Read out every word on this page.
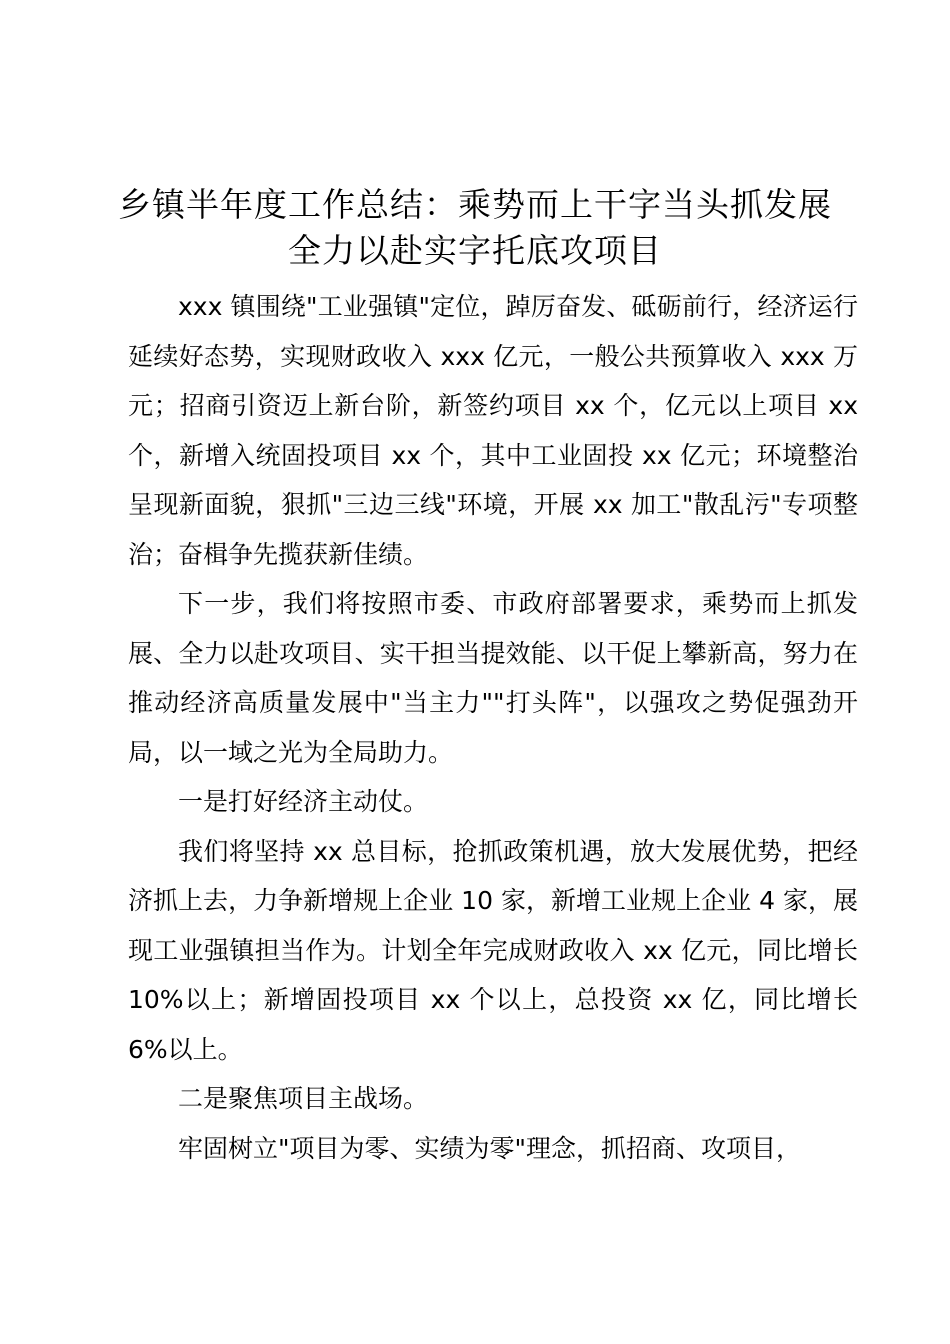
乡镇半年度工作总结：乘势而上干字当头抓发展全力以赴实字托底攻项目

xxx 镇围绕"工业强镇"定位，踔厉奋发、砥砺前行，经济运行延续好态势，实现财政收入 xxx 亿元，一般公共预算收入 xxx 万元；招商引资迈上新台阶，新签约项目 xx 个，亿元以上项目 xx 个，新增入统固投项目 xx 个，其中工业固投 xx 亿元；环境整治呈现新面貌，狠抓"三边三线"环境，开展 xx 加工"散乱污"专项整治；奋楫争先揽获新佳绩。

下一步，我们将按照市委、市政府部署要求，乘势而上抓发展、全力以赴攻项目、实干担当提效能、以干促上攀新高，努力在推动经济高质量发展中"当主力""打头阵"，以强攻之势促强劲开局，以一域之光为全局助力。

一是打好经济主动仗。

我们将坚持 xx 总目标，抢抓政策机遇，放大发展优势，把经济抓上去，力争新增规上企业 10 家，新增工业规上企业 4 家，展现工业强镇担当作为。计划全年完成财政收入 xx 亿元，同比增长 10%以上；新增固投项目 xx 个以上，总投资 xx 亿，同比增长 6%以上。

二是聚焦项目主战场。

牢固树立"项目为零、实绩为零"理念，抓招商、攻项目，
